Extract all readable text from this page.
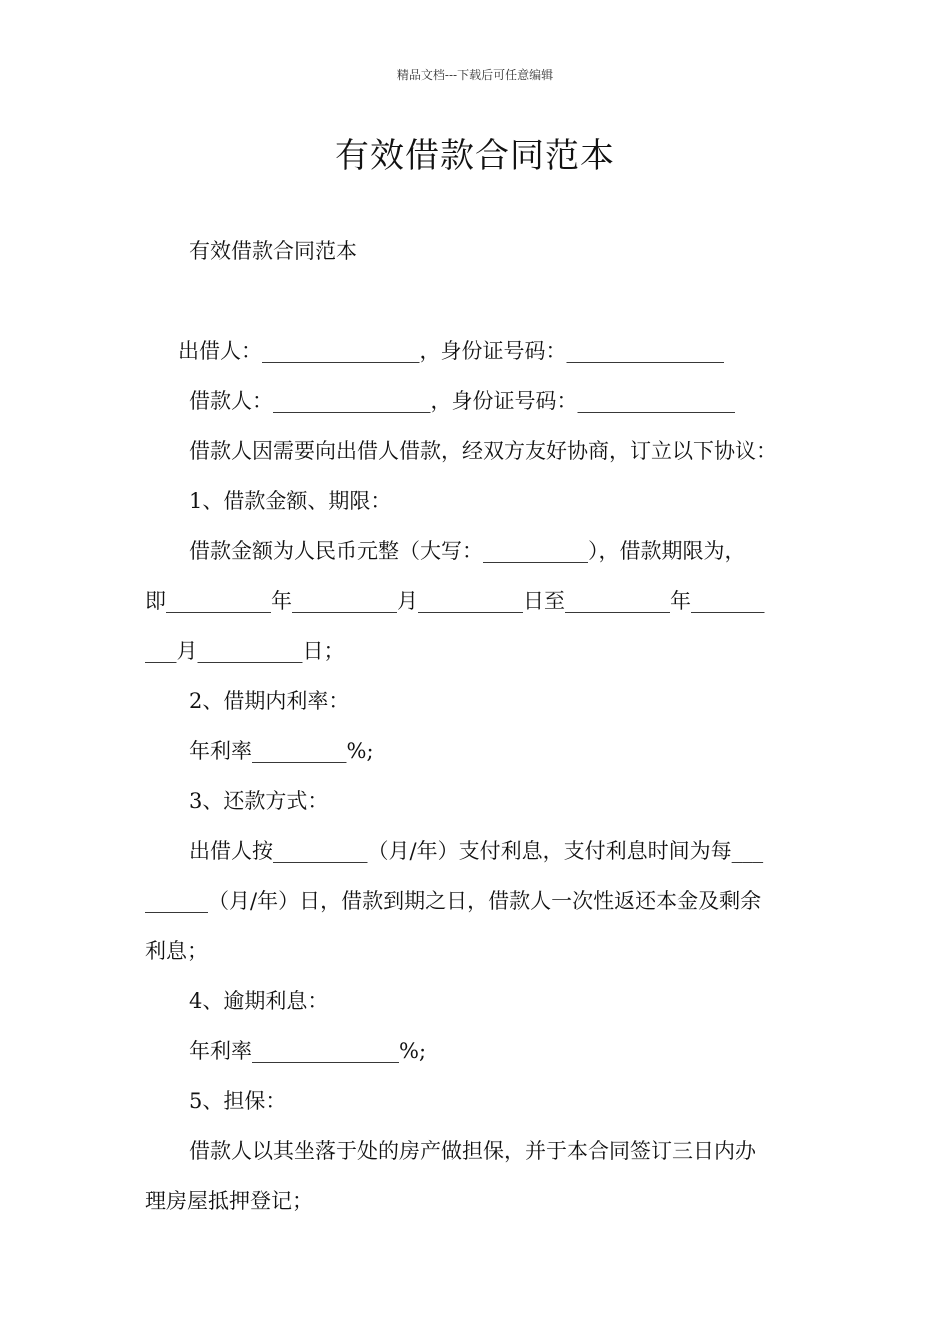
精品文档---下载后可任意编辑
有效借款合同范本
有效借款合同范本
出借人：_______________，身份证号码：_______________
借款人：_______________，身份证号码：_______________
借款人因需要向出借人借款，经双方友好协商，订立以下协议：
1、借款金额、期限：
借款金额为人民币元整（大写：__________），借款期限为，
即__________年__________月__________日至__________年_______
___月__________日；
2、借期内利率：
年利率_________%;
3、还款方式：
出借人按_________（月/年）支付利息，支付利息时间为每___
______（月/年）日，借款到期之日，借款人一次性返还本金及剩余
利息；
4、逾期利息：
年利率______________%;
5、担保：
借款人以其坐落于处的房产做担保，并于本合同签订三日内办
理房屋抵押登记；
